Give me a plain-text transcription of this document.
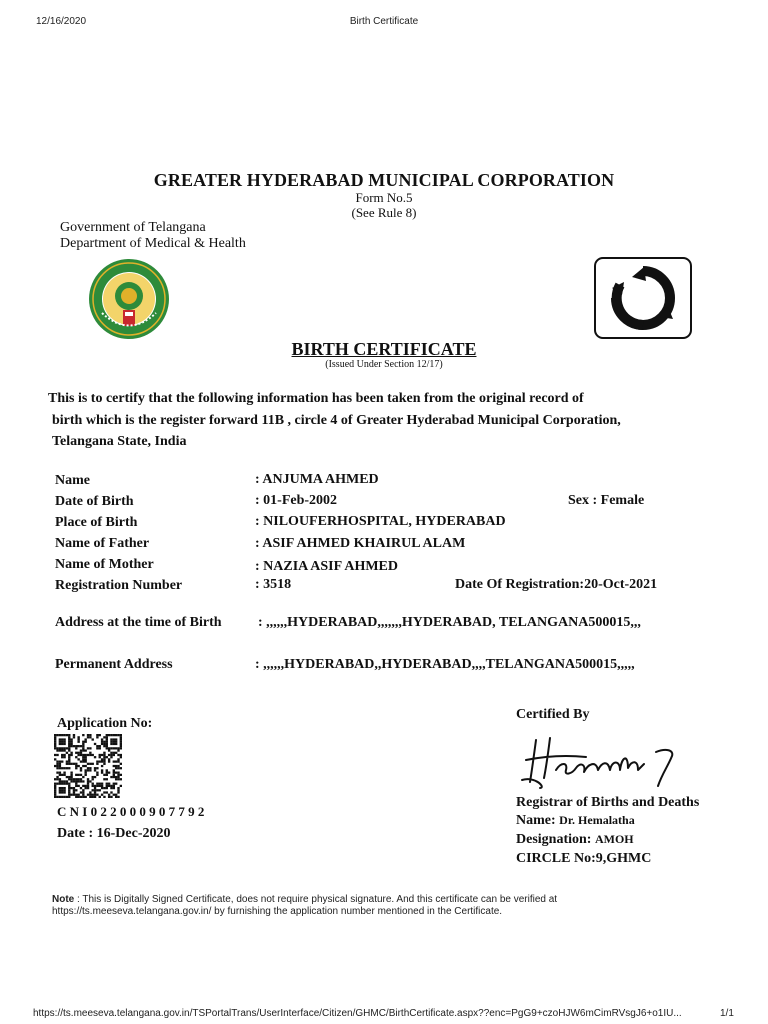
12/16/2020	Birth Certificate
GREATER HYDERABAD MUNICIPAL CORPORATION
Form No.5
(See Rule 8)
Government of Telangana
Department of Medical & Health
BIRTH CERTIFICATE
(Issued Under Section 12/17)
This is to certify that the following information has been taken from the original record of
birth which is the register forward 11B , circle 4 of Greater Hyderabad Municipal Corporation,
Telangana State, India
Name	: ANJUMA AHMED
Date of Birth	: 01-Feb-2002	Sex : Female
Place of Birth	: NILOUFERHOSPITAL, HYDERABAD
Name of Father	: ASIF AHMED KHAIRUL ALAM
Name of Mother	: NAZIA ASIF AHMED
Registration Number	: 3518	Date Of Registration:20-Oct-2021
Address at the time of Birth	: ,,,,,,HYDERABAD,,,,,,,HYDERABAD, TELANGANA500015,,,
Permanent Address	: ,,,,,,HYDERABAD,,HYDERABAD,,,,TELANGANA500015,,,,,
Application No:
C N I 0 2 2 0 0 0 9 0 7 7 9 2
Date : 16-Dec-2020
Certified By
Registrar of Births and Deaths
Name: Dr. Hemalatha
Designation: AMOH
CIRCLE No:9,GHMC
Note : This is Digitally Signed Certificate, does not require physical signature. And this certificate can be verified at
https://ts.meeseva.telangana.gov.in/ by furnishing the application number mentioned in the Certificate.
https://ts.meeseva.telangana.gov.in/TSPortalTrans/UserInterface/Citizen/GHMC/BirthCertificate.aspx??enc=PgG9+czoHJW6mCimRVsgJ6+o1IU...	1/1
